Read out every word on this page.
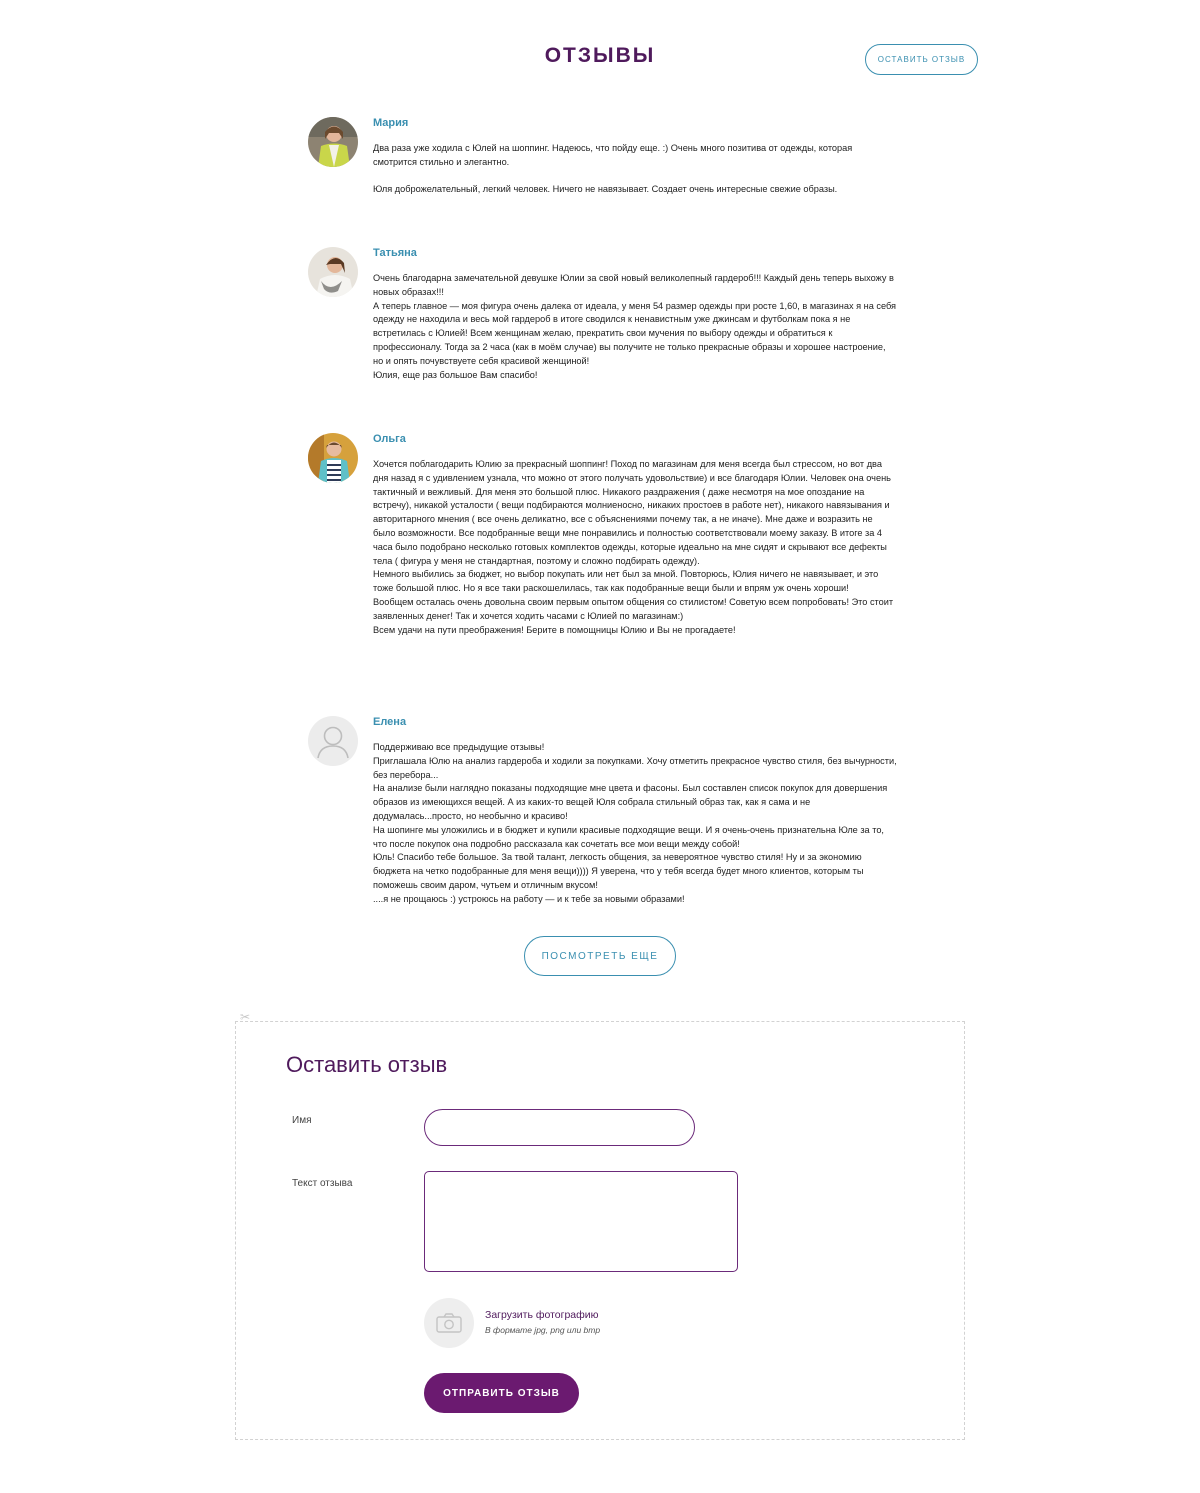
ОТЗЫВЫ	ОСТАВИТЬ ОТЗЫВ
Мария

Два раза уже ходила с Юлей на шоппинг. Надеюсь, что пойду еще. :) Очень много позитива от одежды, которая смотрится стильно и элегантно.

Юля доброжелательный, легкий человек. Ничего не навязывает. Создает очень интересные свежие образы.

Татьяна

Очень благодарна замечательной девушке Юлии за свой новый великолепный гардероб!!! Каждый день теперь выхожу в новых образах!!!
А теперь главное — моя фигура очень далека от идеала, у меня 54 размер одежды при росте 1,60, в магазинах я на себя одежду не находила и весь мой гардероб в итоге сводился к ненавистным уже джинсам и футболкам пока я не встретилась с Юлией! Всем женщинам желаю, прекратить свои мучения по выбору одежды и обратиться к профессионалу. Тогда за 2 часа (как в моём случае) вы получите не только прекрасные образы и хорошее настроение, но и опять почувствуете себя красивой женщиной!
Юлия, еще раз большое Вам спасибо!

Ольга

Хочется поблагодарить Юлию за прекрасный шоппинг! Поход по магазинам для меня всегда был стрессом, но вот два дня назад я с удивлением узнала, что можно от этого получать удовольствие) и все благодаря Юлии. Человек она очень тактичный и вежливый. Для меня это большой плюс. Никакого раздражения ( даже несмотря на мое опоздание на встречу), никакой усталости ( вещи подбираются молниеносно, никаких простоев в работе нет), никакого навязывания и авторитарного мнения ( все очень деликатно, все с объяснениями почему так, а не иначе). Мне даже и возразить не было возможности. Все подобранные вещи мне понравились и полностью соответствовали моему заказу. В итоге за 4 часа было подобрано несколько готовых комплектов одежды, которые идеально на мне сидят и скрывают все дефекты тела ( фигура у меня не стандартная, поэтому и сложно подбирать одежду).
Немного выбились за бюджет, но выбор покупать или нет был за мной. Повторюсь, Юлия ничего не навязывает, и это тоже большой плюс. Но я все таки раскошелилась, так как подобранные вещи были и впрям уж очень хороши!
Вообщем осталась очень довольна своим первым опытом общения со стилистом! Советую всем попробовать! Это стоит заявленных денег! Так и хочется ходить часами с Юлией по магазинам:)
Всем удачи на пути преображения! Берите в помощницы Юлию и Вы не прогадаете!

Елена

Поддерживаю все предыдущие отзывы!
Приглашала Юлю на анализ гардероба и ходили за покупками. Хочу отметить прекрасное чувство стиля, без вычурности, без перебора...
На анализе были наглядно показаны подходящие мне цвета и фасоны. Был составлен список покупок для довершения образов из имеющихся вещей. А из каких-то вещей Юля собрала стильный образ так, как я сама и не додумалась...просто, но необычно и красиво!
На шопинге мы уложились и в бюджет и купили красивые подходящие вещи. И я очень-очень признательна Юле за то, что после покупок она подробно рассказала как сочетать все мои вещи между собой!
Юль! Спасибо тебе большое. За твой талант, легкость общения, за невероятное чувство стиля! Ну и за экономию бюджета на четко подобранные для меня вещи)))) Я уверена, что у тебя всегда будет много клиентов, которым ты поможешь своим даром, чутьем и отличным вкусом!
....я не прощаюсь :) устроюсь на работу — и к тебе за новыми образами!

ПОСМОТРЕТЬ ЕЩЕ
✂
Оставить отзыв
Имя
Текст отзыва
Загрузить фотографию
В формате jpg, png или bmp
ОТПРАВИТЬ ОТЗЫВ
